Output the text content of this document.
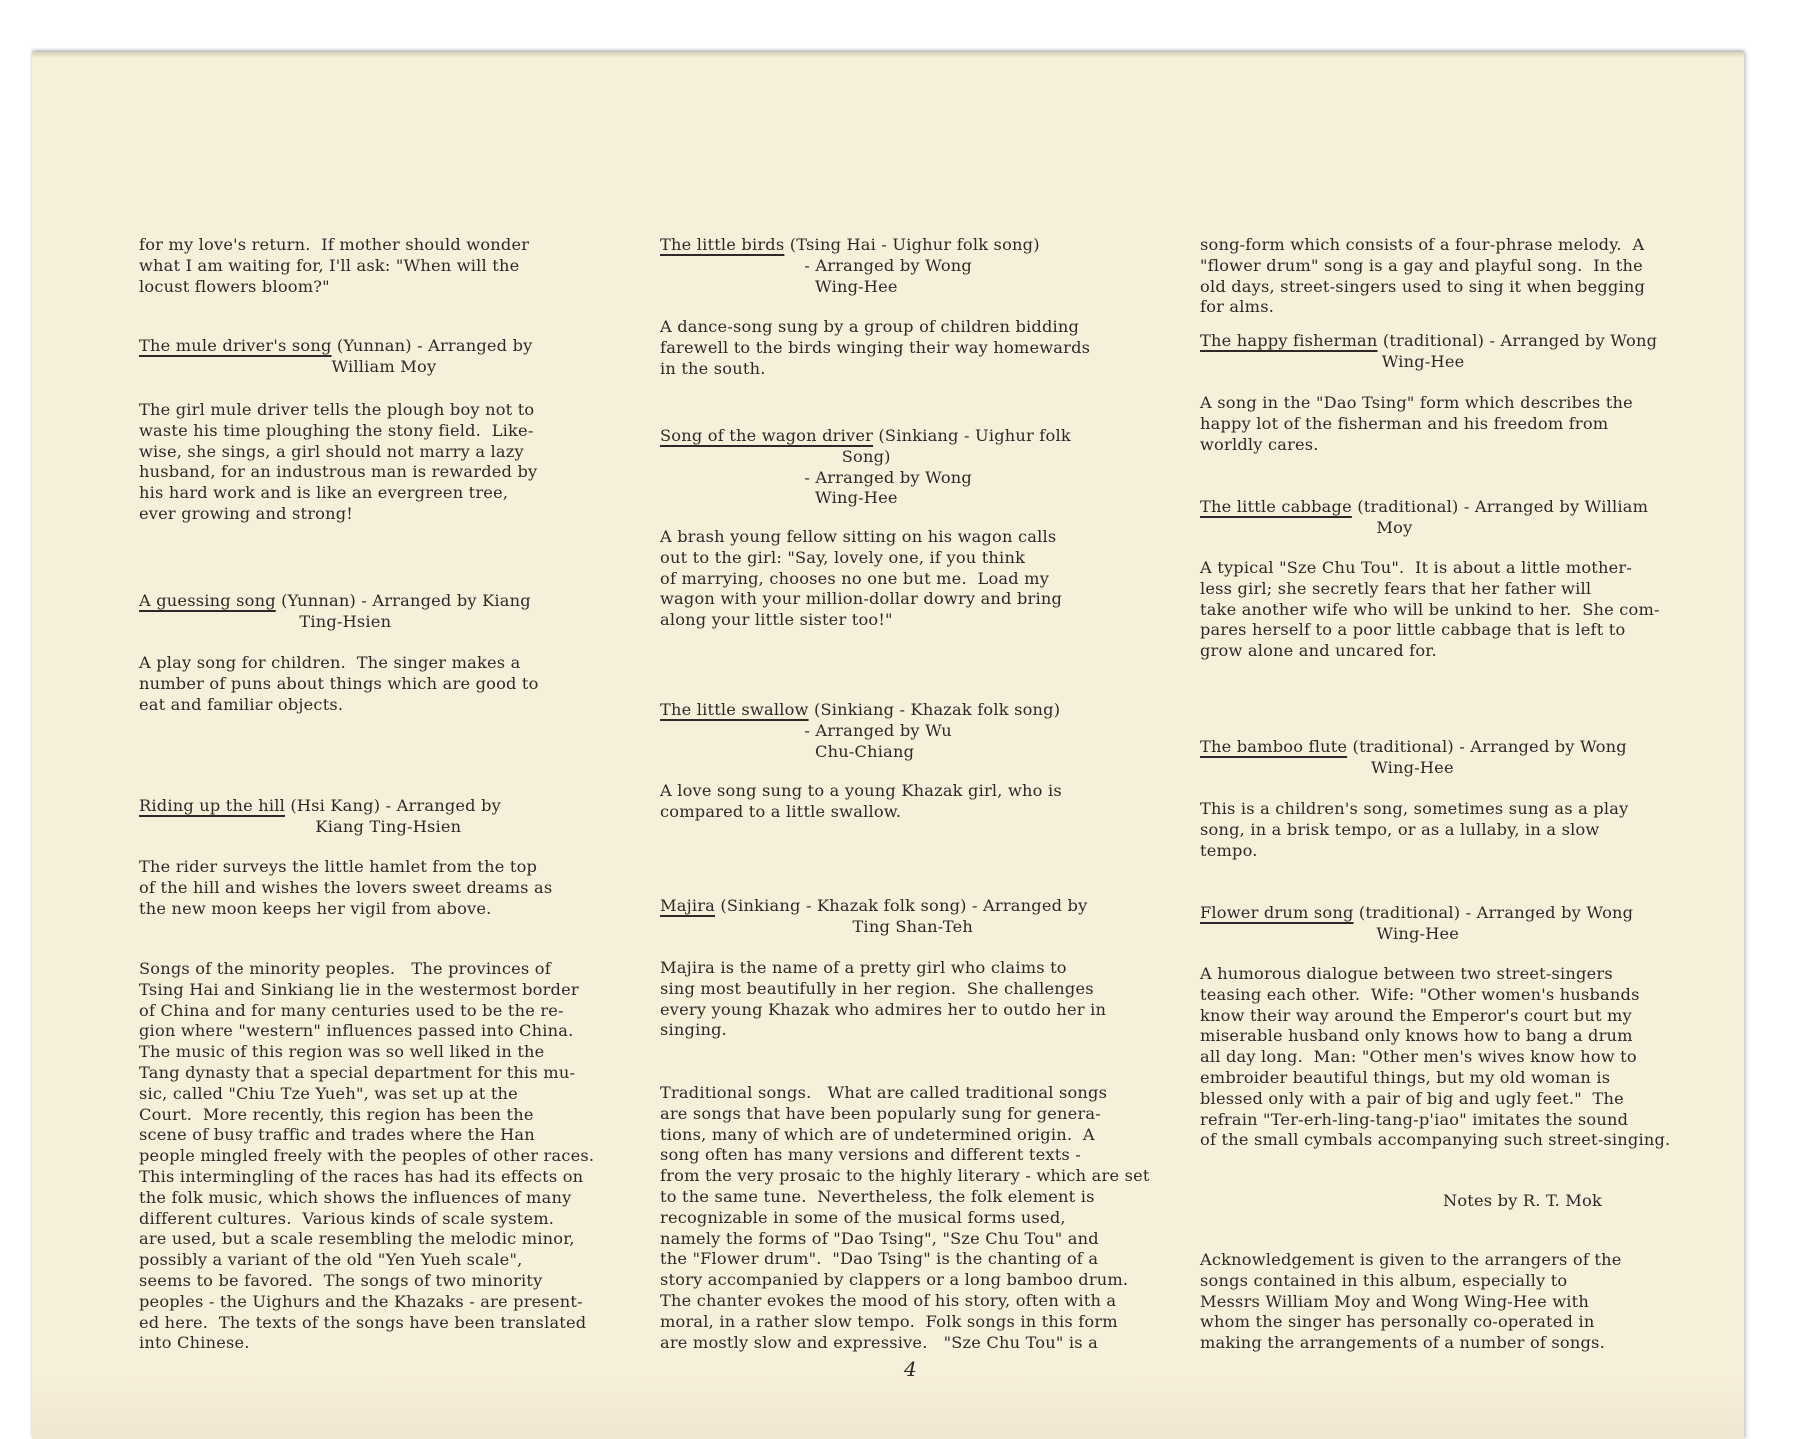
for my love's return.  If mother should wonder
what I am waiting for, I'll ask: "When will the
locust flowers bloom?"

The mule driver's song (Yunnan) - Arranged by
William Moy

The girl mule driver tells the plough boy not to
waste his time ploughing the stony field.  Like-
wise, she sings, a girl should not marry a lazy
husband, for an industrous man is rewarded by
his hard work and is like an evergreen tree,
ever growing and strong!

A guessing song (Yunnan) - Arranged by Kiang
Ting-Hsien

A play song for children.  The singer makes a
number of puns about things which are good to
eat and familiar objects.

Riding up the hill (Hsi Kang) - Arranged by
Kiang Ting-Hsien

The rider surveys the little hamlet from the top
of the hill and wishes the lovers sweet dreams as
the new moon keeps her vigil from above.

Songs of the minority peoples.   The provinces of
Tsing Hai and Sinkiang lie in the westermost border
of China and for many centuries used to be the re-
gion where "western" influences passed into China.
The music of this region was so well liked in the
Tang dynasty that a special department for this mu-
sic, called "Chiu Tze Yueh", was set up at the
Court.  More recently, this region has been the
scene of busy traffic and trades where the Han
people mingled freely with the peoples of other races.
This intermingling of the races has had its effects on
the folk music, which shows the influences of many
different cultures.  Various kinds of scale system.
are used, but a scale resembling the melodic minor,
possibly a variant of the old "Yen Yueh scale",
seems to be favored.  The songs of two minority
peoples - the Uighurs and the Khazaks - are present-
ed here.  The texts of the songs have been translated
into Chinese.

The little birds (Tsing Hai - Uighur folk song)
- Arranged by Wong
Wing-Hee

A dance-song sung by a group of children bidding
farewell to the birds winging their way homewards
in the south.

Song of the wagon driver (Sinkiang - Uighur folk
Song)
- Arranged by Wong
Wing-Hee

A brash young fellow sitting on his wagon calls
out to the girl: "Say, lovely one, if you think
of marrying, chooses no one but me.  Load my
wagon with your million-dollar dowry and bring
along your little sister too!"

The little swallow (Sinkiang - Khazak folk song)
- Arranged by Wu
Chu-Chiang

A love song sung to a young Khazak girl, who is
compared to a little swallow.

Majira (Sinkiang - Khazak folk song) - Arranged by
Ting Shan-Teh

Majira is the name of a pretty girl who claims to
sing most beautifully in her region.  She challenges
every young Khazak who admires her to outdo her in
singing.

Traditional songs.   What are called traditional songs
are songs that have been popularly sung for genera-
tions, many of which are of undetermined origin.  A
song often has many versions and different texts -
from the very prosaic to the highly literary - which are set
to the same tune.  Nevertheless, the folk element is
recognizable in some of the musical forms used,
namely the forms of "Dao Tsing", "Sze Chu Tou" and
the "Flower drum".  "Dao Tsing" is the chanting of a
story accompanied by clappers or a long bamboo drum.
The chanter evokes the mood of his story, often with a
moral, in a rather slow tempo.  Folk songs in this form
are mostly slow and expressive.   "Sze Chu Tou" is a

song-form which consists of a four-phrase melody.  A
"flower drum" song is a gay and playful song.  In the
old days, street-singers used to sing it when begging
for alms.

The happy fisherman (traditional) - Arranged by Wong
Wing-Hee

A song in the "Dao Tsing" form which describes the
happy lot of the fisherman and his freedom from
worldly cares.

The little cabbage (traditional) - Arranged by William
Moy

A typical "Sze Chu Tou".  It is about a little mother-
less girl; she secretly fears that her father will
take another wife who will be unkind to her.  She com-
pares herself to a poor little cabbage that is left to
grow alone and uncared for.

The bamboo flute (traditional) - Arranged by Wong
Wing-Hee

This is a children's song, sometimes sung as a play
song, in a brisk tempo, or as a lullaby, in a slow
tempo.

Flower drum song (traditional) - Arranged by Wong
Wing-Hee

A humorous dialogue between two street-singers
teasing each other.  Wife: "Other women's husbands
know their way around the Emperor's court but my
miserable husband only knows how to bang a drum
all day long.  Man: "Other men's wives know how to
embroider beautiful things, but my old woman is
blessed only with a pair of big and ugly feet."  The
refrain "Ter-erh-ling-tang-p'iao" imitates the sound
of the small cymbals accompanying such street-singing.

Notes by R. T. Mok

Acknowledgement is given to the arrangers of the
songs contained in this album, especially to
Messrs William Moy and Wong Wing-Hee with
whom the singer has personally co-operated in
making the arrangements of a number of songs.

4
